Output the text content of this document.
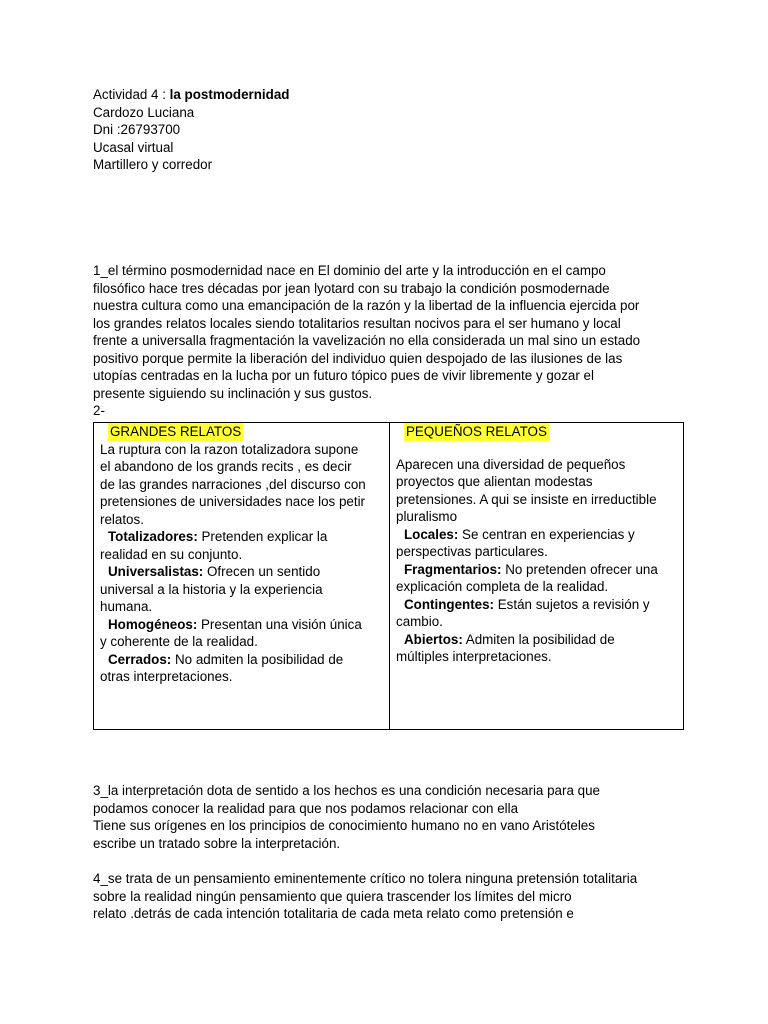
Actividad 4 : la postmodernidad
Cardozo Luciana
Dni :26793700
Ucasal virtual
Martillero y corredor
1_el término posmodernidad nace en El dominio del arte y la introducción en el campo
filosófico hace tres décadas por jean lyotard con su trabajo la condición posmodernade
nuestra cultura como una emancipación de la razón y la libertad de la influencia ejercida por
los grandes relatos locales siendo totalitarios resultan nocivos para el ser humano y local
frente a universalla fragmentación la vavelización no ella considerada un mal sino un estado
positivo porque permite la liberación del individuo quien despojado de las ilusiones de las
utopías centradas en la lucha por un futuro tópico pues de vivir libremente y gozar el
presente siguiendo su inclinación y sus gustos.
2-
GRANDES RELATOS
La ruptura con la razon totalizadora supone
el abandono de los grands recits , es decir
de las grandes narraciones ,del discurso con
pretensiones de universidades nace los petir
relatos.
Totalizadores: Pretenden explicar la
realidad en su conjunto.
Universalistas: Ofrecen un sentido
universal a la historia y la experiencia
humana.
Homogéneos: Presentan una visión única
y coherente de la realidad.
Cerrados: No admiten la posibilidad de
otras interpretaciones.
PEQUEÑOS RELATOS
Aparecen una diversidad de pequeños
proyectos que alientan modestas
pretensiones. A qui se insiste en irreductible
pluralismo
Locales: Se centran en experiencias y
perspectivas particulares.
Fragmentarios: No pretenden ofrecer una
explicación completa de la realidad.
Contingentes: Están sujetos a revisión y
cambio.
Abiertos: Admiten la posibilidad de
múltiples interpretaciones.
3_la interpretación dota de sentido a los hechos es una condición necesaria para que
podamos conocer la realidad para que nos podamos relacionar con ella
Tiene sus orígenes en los principios de conocimiento humano no en vano Aristóteles
escribe un tratado sobre la interpretación.
4_se trata de un pensamiento eminentemente crítico no tolera ninguna pretensión totalitaria
sobre la realidad ningún pensamiento que quiera trascender los límites del micro
relato .detrás de cada intención totalitaria de cada meta relato como pretensión e
